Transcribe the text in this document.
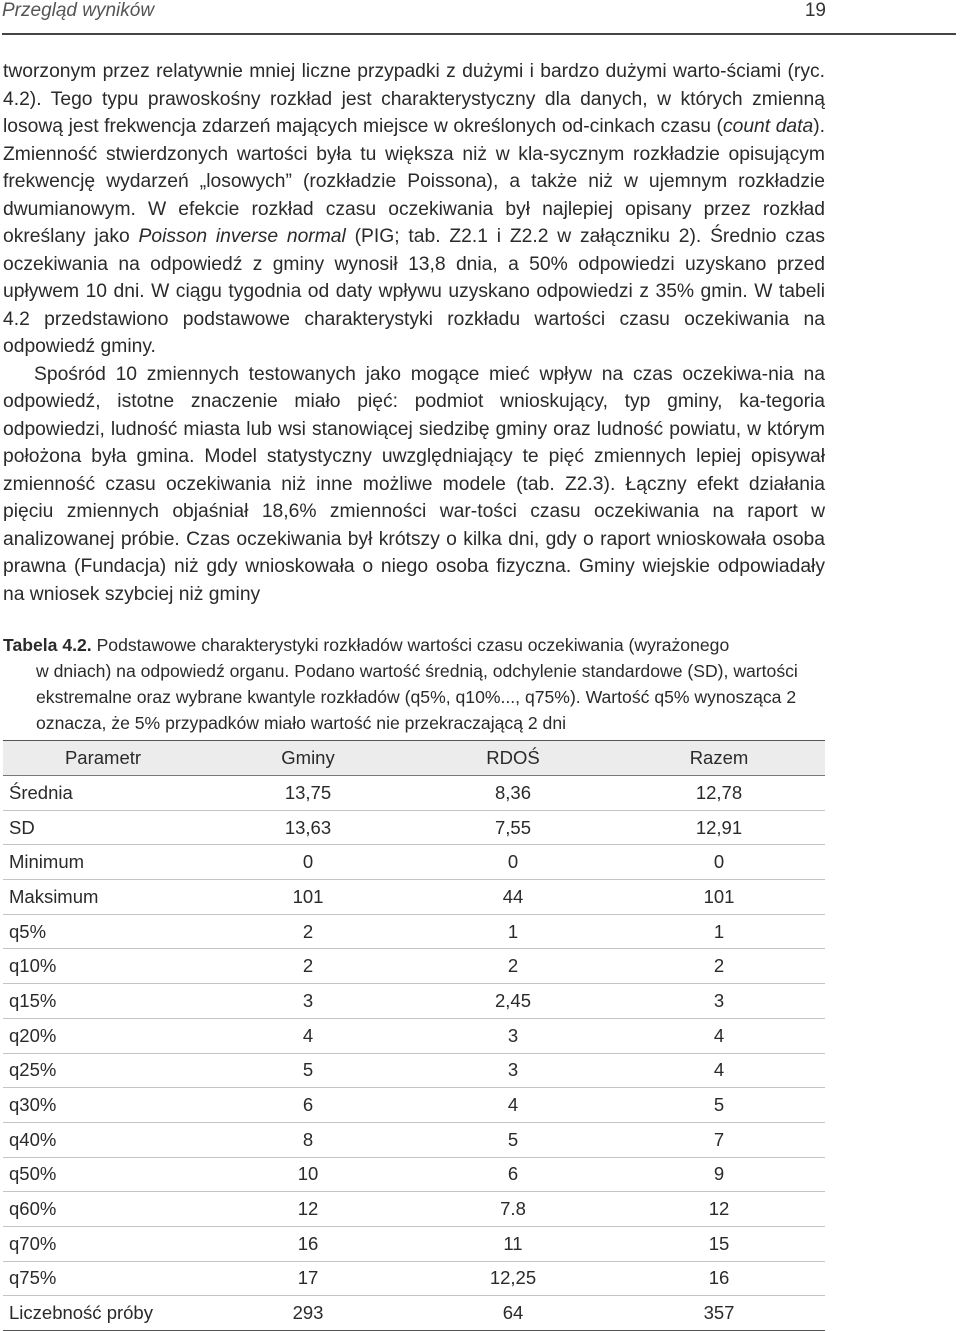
Przegląd wyników	19

tworzonym przez relatywnie mniej liczne przypadki z dużymi i bardzo dużymi warto-ściami (ryc. 4.2). Tego typu prawoskośny rozkład jest charakterystyczny dla danych, w których zmienną losową jest frekwencja zdarzeń mających miejsce w określonych od-cinkach czasu (count data). Zmienność stwierdzonych wartości była tu większa niż w kla-sycznym rozkładzie opisującym frekwencję wydarzeń „losowych” (rozkładzie Poissona), a także niż w ujemnym rozkładzie dwumianowym. W efekcie rozkład czasu oczekiwania był najlepiej opisany przez rozkład określany jako Poisson inverse normal (PIG; tab. Z2.1 i Z2.2 w załączniku 2). Średnio czas oczekiwania na odpowiedź z gminy wynosił 13,8 dnia, a 50% odpowiedzi uzyskano przed upływem 10 dni. W ciągu tygodnia od daty wpływu uzyskano odpowiedzi z 35% gmin. W tabeli 4.2 przedstawiono podstawowe charakterystyki rozkładu wartości czasu oczekiwania na odpowiedź gminy.

Spośród 10 zmiennych testowanych jako mogące mieć wpływ na czas oczekiwa-nia na odpowiedź, istotne znaczenie miało pięć: podmiot wnioskujący, typ gminy, ka-tegoria odpowiedzi, ludność miasta lub wsi stanowiącej siedzibę gminy oraz ludność powiatu, w którym położona była gmina. Model statystyczny uwzględniający te pięć zmiennych lepiej opisywał zmienność czasu oczekiwania niż inne możliwe modele (tab. Z2.3). Łączny efekt działania pięciu zmiennych objaśniał 18,6% zmienności war-tości czasu oczekiwania na raport w analizowanej próbie. Czas oczekiwania był krótszy o kilka dni, gdy o raport wnioskowała osoba prawna (Fundacja) niż gdy wnioskowała o niego osoba fizyczna. Gminy wiejskie odpowiadały na wniosek szybciej niż gminy

Tabela 4.2. Podstawowe charakterystyki rozkładów wartości czasu oczekiwania (wyrażonego
w dniach) na odpowiedź organu. Podano wartość średnią, odchylenie standardowe (SD), wartości ekstremalne oraz wybrane kwantyle rozkładów (q5%, q10%..., q75%). Wartość q5% wynosząca 2 oznacza, że 5% przypadków miało wartość nie przekraczającą 2 dni
Parametr	Gminy	RDOŚ	Razem
Średnia	13,75	8,36	12,78
SD	13,63	7,55	12,91
Minimum	0	0	0
Maksimum	101	44	101
q5%	2	1	1
q10%	2	2	2
q15%	3	2,45	3
q20%	4	3	4
q25%	5	3	4
q30%	6	4	5
q40%	8	5	7
q50%	10	6	9
q60%	12	7.8	12
q70%	16	11	15
q75%	17	12,25	16
Liczebność próby	293	64	357
